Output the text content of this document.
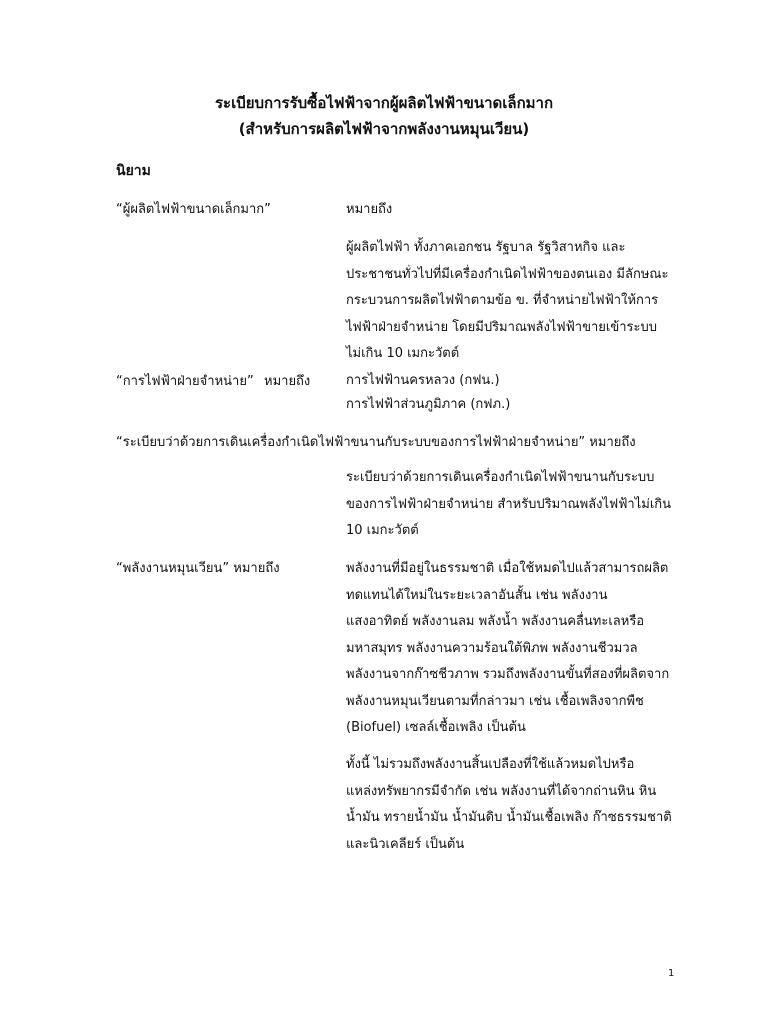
ระเบียบการรับซื้อไฟฟ้าจากผู้ผลิตไฟฟ้าขนาดเล็กมาก
(สำหรับการผลิตไฟฟ้าจากพลังงานหมุนเวียน)
นิยาม
“ผู้ผลิตไฟฟ้าขนาดเล็กมาก”	หมายถึง
ผู้ผลิตไฟฟ้า ทั้งภาคเอกชน รัฐบาล รัฐวิสาหกิจ และ
ประชาชนทั่วไปที่มีเครื่องกำเนิดไฟฟ้าของตนเอง มีลักษณะ
กระบวนการผลิตไฟฟ้าตามข้อ ข. ที่จำหน่ายไฟฟ้าให้การ
ไฟฟ้าฝ่ายจำหน่าย โดยมีปริมาณพลังไฟฟ้าขายเข้าระบบ
ไม่เกิน 10 เมกะวัตต์
“การไฟฟ้าฝ่ายจำหน่าย” หมายถึง	การไฟฟ้านครหลวง (กฟน.)
การไฟฟ้าส่วนภูมิภาค (กฟภ.)
“ระเบียบว่าด้วยการเดินเครื่องกำเนิดไฟฟ้าขนานกับระบบของการไฟฟ้าฝ่ายจำหน่าย” หมายถึง
ระเบียบว่าด้วยการเดินเครื่องกำเนิดไฟฟ้าขนานกับระบบ
ของการไฟฟ้าฝ่ายจำหน่าย สำหรับปริมาณพลังไฟฟ้าไม่เกิน
10 เมกะวัตต์
“พลังงานหมุนเวียน” หมายถึง	พลังงานที่มีอยู่ในธรรมชาติ เมื่อใช้หมดไปแล้วสามารถผลิต
ทดแทนได้ใหม่ในระยะเวลาอันสั้น เช่น พลังงาน
แสงอาทิตย์ พลังงานลม พลังน้ำ พลังงานคลื่นทะเลหรือ
มหาสมุทร พลังงานความร้อนใต้พิภพ พลังงานชีวมวล
พลังงานจากก๊าซชีวภาพ รวมถึงพลังงานขั้นที่สองที่ผลิตจาก
พลังงานหมุนเวียนตามที่กล่าวมา เช่น เชื้อเพลิงจากพืช
(Biofuel) เซลล์เชื้อเพลิง เป็นต้น
ทั้งนี้ ไม่รวมถึงพลังงานสิ้นเปลืองที่ใช้แล้วหมดไปหรือ
แหล่งทรัพยากรมีจำกัด เช่น พลังงานที่ได้จากถ่านหิน หิน
น้ำมัน ทรายน้ำมัน น้ำมันดิบ น้ำมันเชื้อเพลิง ก๊าซธรรมชาติ
และนิวเคลียร์ เป็นต้น
1
